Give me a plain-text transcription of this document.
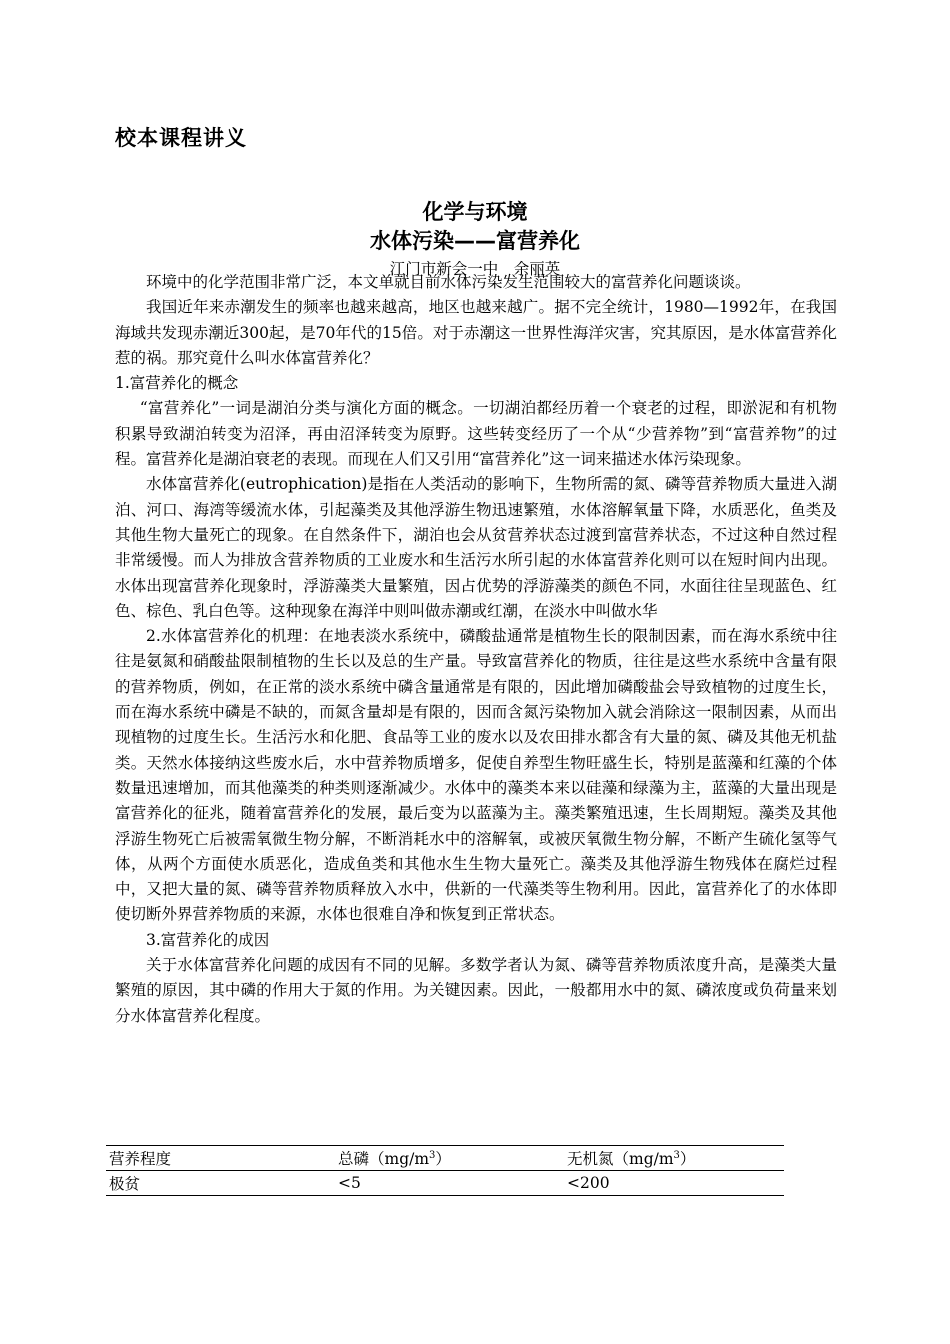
校本课程讲义

化学与环境

水体污染——富营养化

江门市新会一中　余丽英

环境中的化学范围非常广泛，本文单就目前水体污染发生范围较大的富营养化问题谈谈。

我国近年来赤潮发生的频率也越来越高，地区也越来越广。据不完全统计，1980—1992年，在我国海域共发现赤潮近300起，是70年代的15倍。对于赤潮这一世界性海洋灾害，究其原因，是水体富营养化惹的祸。那究竟什么叫水体富营养化？

1.富营养化的概念

“富营养化”一词是湖泊分类与演化方面的概念。一切湖泊都经历着一个衰老的过程，即淤泥和有机物积累导致湖泊转变为沼泽，再由沼泽转变为原野。这些转变经历了一个从“少营养物”到“富营养物”的过程。富营养化是湖泊衰老的表现。而现在人们又引用“富营养化”这一词来描述水体污染现象。

水体富营养化(eutrophication)是指在人类活动的影响下，生物所需的氮、磷等营养物质大量进入湖泊、河口、海湾等缓流水体，引起藻类及其他浮游生物迅速繁殖，水体溶解氧量下降，水质恶化，鱼类及其他生物大量死亡的现象。在自然条件下，湖泊也会从贫营养状态过渡到富营养状态，不过这种自然过程非常缓慢。而人为排放含营养物质的工业废水和生活污水所引起的水体富营养化则可以在短时间内出现。水体出现富营养化现象时，浮游藻类大量繁殖，因占优势的浮游藻类的颜色不同，水面往往呈现蓝色、红色、棕色、乳白色等。这种现象在海洋中则叫做赤潮或红潮，在淡水中叫做水华

2.水体富营养化的机理：在地表淡水系统中，磷酸盐通常是植物生长的限制因素，而在海水系统中往往是氨氮和硝酸盐限制植物的生长以及总的生产量。导致富营养化的物质，往往是这些水系统中含量有限的营养物质，例如，在正常的淡水系统中磷含量通常是有限的，因此增加磷酸盐会导致植物的过度生长，而在海水系统中磷是不缺的，而氮含量却是有限的，因而含氮污染物加入就会消除这一限制因素，从而出现植物的过度生长。生活污水和化肥、食品等工业的废水以及农田排水都含有大量的氮、磷及其他无机盐类。天然水体接纳这些废水后，水中营养物质增多，促使自养型生物旺盛生长，特别是蓝藻和红藻的个体数量迅速增加，而其他藻类的种类则逐渐减少。水体中的藻类本来以硅藻和绿藻为主，蓝藻的大量出现是富营养化的征兆，随着富营养化的发展，最后变为以蓝藻为主。藻类繁殖迅速，生长周期短。藻类及其他浮游生物死亡后被需氧微生物分解，不断消耗水中的溶解氧，或被厌氧微生物分解，不断产生硫化氢等气体，从两个方面使水质恶化，造成鱼类和其他水生生物大量死亡。藻类及其他浮游生物残体在腐烂过程中，又把大量的氮、磷等营养物质释放入水中，供新的一代藻类等生物利用。因此，富营养化了的水体即使切断外界营养物质的来源，水体也很难自净和恢复到正常状态。

3.富营养化的成因

关于水体富营养化问题的成因有不同的见解。多数学者认为氮、磷等营养物质浓度升高，是藻类大量繁殖的原因，其中磷的作用大于氮的作用。为关键因素。因此，一般都用水中的氮、磷浓度或负荷量来划分水体富营养化程度。

营养程度	总磷$(mg/m^3)$	无机氮$(mg/m^3)$
极贫	<5	<200
